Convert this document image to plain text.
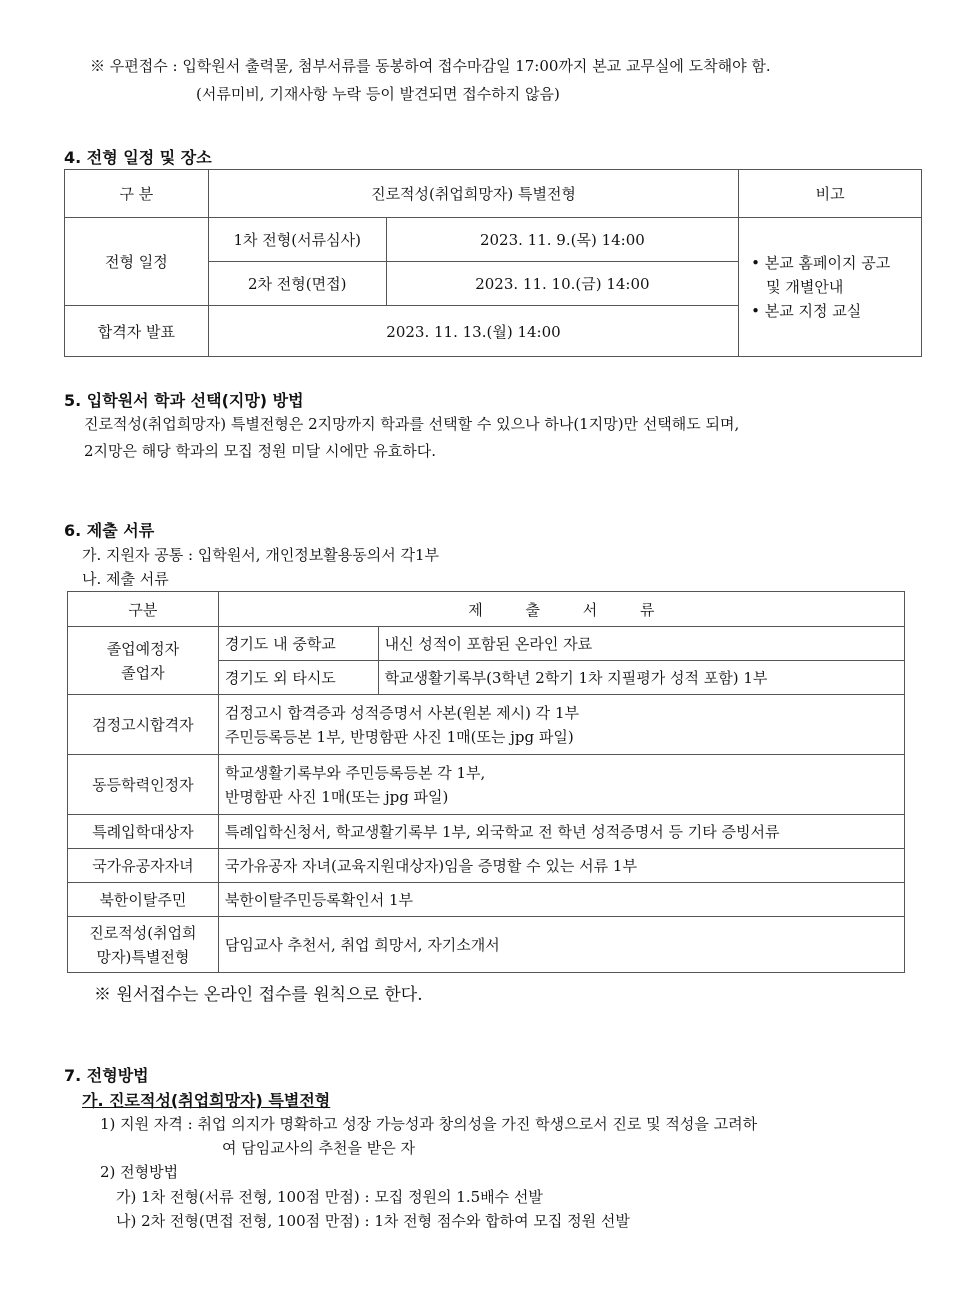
※ 우편접수 : 입학원서 출력물, 첨부서류를 동봉하여 접수마감일 17:00까지 본교 교무실에 도착해야 함.
(서류미비, 기재사항 누락 등이 발견되면 접수하지 않음)
4. 전형 일정 및 장소
구 분	진로적성(취업희망자) 특별전형		비고
전형 일정	1차 전형(서류심사)	2023. 11. 9.(목) 14:00	• 본교 홈페이지 공고
및 개별안내
• 본교 지정 교실

	2차 전형(면접)	2023. 11. 10.(금) 14:00	
합격자 발표	2023. 11. 13.(월) 14:00		
5. 입학원서 학과 선택(지망) 방법
진로적성(취업희망자) 특별전형은 2지망까지 학과를 선택할 수 있으나 하나(1지망)만 선택해도 되며,
2지망은 해당 학과의 모집 정원 미달 시에만 유효하다.
6. 제출 서류
가. 지원자 공통 : 입학원서, 개인정보활용동의서 각1부
나. 제출 서류
구분	제 출 서 류	

졸업예정자
졸업자	경기도 내 중학교	내신 성적이 포함된 온라인 자료
	경기도 외 타시도	학교생활기록부(3학년 2학기 1차 지필평가 성적 포함) 1부
검정고시합격자	검정고시 합격증과 성적증명서 사본(원본 제시) 각 1부
주민등록등본 1부, 반명함판 사진 1매(또는 jpg 파일)	

동등학력인정자	학교생활기록부와 주민등록등본 각 1부,
반명함판 사진 1매(또는 jpg 파일)	

특례입학대상자	특례입학신청서, 학교생활기록부 1부, 외국학교 전 학년 성적증명서 등 기타 증빙서류	
국가유공자자녀	국가유공자 자녀(교육지원대상자)임을 증명할 수 있는 서류 1부	
북한이탈주민	북한이탈주민등록확인서 1부	

진로적성(취업희
망자)특별전형	담임교사 추천서, 취업 희망서, 자기소개서	
※ 원서접수는 온라인 접수를 원칙으로 한다.
7. 전형방법
가. 진로적성(취업희망자) 특별전형
1) 지원 자격 : 취업 의지가 명확하고 성장 가능성과 창의성을 가진 학생으로서 진로 및 적성을 고려하
여 담임교사의 추천을 받은 자
2) 전형방법
가) 1차 전형(서류 전형, 100점 만점) : 모집 정원의 1.5배수 선발
나) 2차 전형(면접 전형, 100점 만점) : 1차 전형 점수와 합하여 모집 정원 선발
